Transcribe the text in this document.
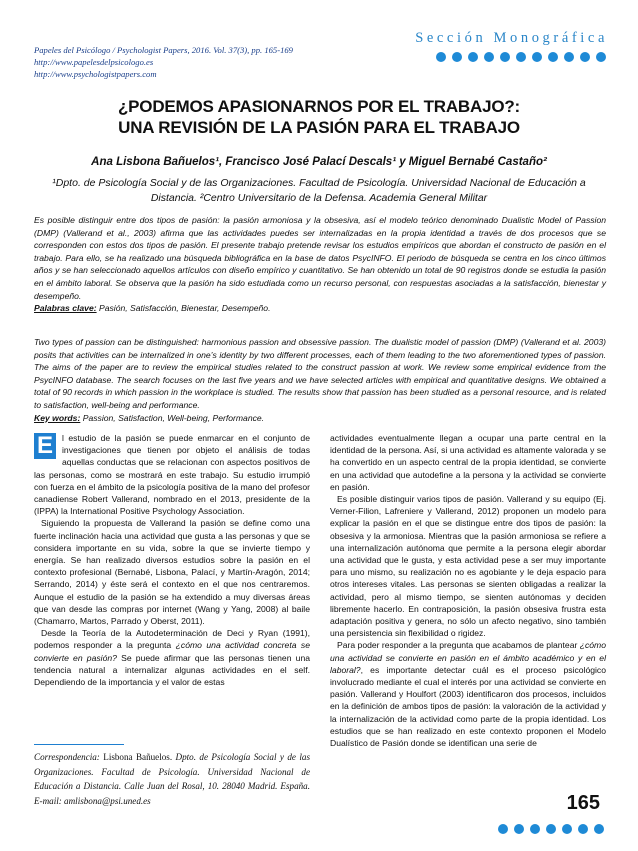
Papeles del Psicólogo / Psychologist Papers, 2016. Vol. 37(3), pp. 165-169
http://www.papelesdelpsicologo.es
http://www.psychologistpapers.com
Sección Monográfica
¿PODEMOS APASIONARNOS POR EL TRABAJO?:
UNA REVISIÓN DE LA PASIÓN PARA EL TRABAJO
Ana Lisbona Bañuelos¹, Francisco José Palací Descals¹ y Miguel Bernabé Castaño²
¹Dpto. de Psicología Social y de las Organizaciones. Facultad de Psicología. Universidad Nacional de Educación a Distancia. ²Centro Universitario de la Defensa. Academia General Militar
Es posible distinguir entre dos tipos de pasión: la pasión armoniosa y la obsesiva, así el modelo teórico denominado Dualistic Model of Passion (DMP) (Vallerand et al., 2003) afirma que las actividades puedes ser internalizadas en la propia identidad a través de dos procesos que se corresponden con estos dos tipos de pasión. El presente trabajo pretende revisar los estudios empíricos que abordan el constructo de pasión en el trabajo. Para ello, se ha realizado una búsqueda bibliográfica en la base de datos PsycINFO. El periodo de búsqueda se centra en los cinco últimos años y se han seleccionado aquellos artículos con diseño empírico y cuantitativo. Se han obtenido un total de 90 registros donde se estudia la pasión en el ámbito laboral. Se observa que la pasión ha sido estudiada como un recurso personal, con respuestas asociadas a la satisfacción, bienestar y desempeño.
Palabras clave: Pasión, Satisfacción, Bienestar, Desempeño.
Two types of passion can be distinguished: harmonious passion and obsessive passion. The dualistic model of passion (DMP) (Vallerand et al. 2003) posits that activities can be internalized in one’s identity by two different processes, each of them leading to the two aforementioned types of passion. The aims of the paper are to review the empirical studies related to the construct passion at work. We review some empirical evidence from the PsycINFO database. The search focuses on the last five years and we have selected articles with empirical and quantitative designs. We obtained a total of 90 records in which passion in the workplace is studied. The results show that passion has been studied as a personal resource, and is related to satisfaction, well-being and performance.
Key words: Passion, Satisfaction, Well-being, Performance.

E	l estudio de la pasión se puede enmarcar en el conjunto de investigaciones que tienen por objeto el análisis de todas aquellas conductas que se relacionan con aspectos positivos de las personas, como se mostrará en este trabajo. Su estudio irrumpió con fuerza en el ámbito de la psicología positiva de la mano del profesor canadiense Robert Vallerand, nombrado en el 2013, presidente de la (IPPA) la International Positive Psychology Association.

Siguiendo la propuesta de Vallerand la pasión se define como una fuerte inclinación hacia una actividad que gusta a las personas y que se considera importante en su vida, sobre la que se invierte tiempo y energía. Se han realizado diversos estudios sobre la pasión en el contexto profesional (Bernabé, Lisbona, Palací, y Martín-Aragón, 2014; Serrando, 2014) y éste será el contexto en el que nos centraremos. Aunque el estudio de la pasión se ha extendido a muy diversas áreas que van desde las compras por internet (Wang y Yang, 2008) al baile (Chamarro, Martos, Parrado y Oberst, 2011).

Desde la Teoría de la Autodeterminación de Deci y Ryan (1991), podemos responder a la pregunta ¿cómo una actividad concreta se convierte en pasión? Se puede afirmar que las personas tienen una tendencia natural a internalizar algunas actividades en el self. Dependiendo de la importancia y el valor de estas

actividades eventualmente llegan a ocupar una parte central en la identidad de la persona. Así, si una actividad es altamente valorada y se ha convertido en un aspecto central de la propia identidad, se convierte en una actividad que autodefine a la persona y la actividad se convierte en pasión.

Es posible distinguir varios tipos de pasión. Vallerand y su equipo (Ej. Verner-Filion, Lafreniere y Vallerand, 2012) proponen un modelo para explicar la pasión en el que se distingue entre dos tipos de pasión: la obsesiva y la armoniosa. Mientras que la pasión armoniosa se refiere a una internalización autónoma que permite a la persona elegir abordar una actividad que le gusta, y esta actividad pese a ser muy importante para uno mismo, su realización no es agobiante y le deja espacio para otros intereses vitales. Las personas se sienten obligadas a realizar la actividad, pero al mismo tiempo, se sienten autónomas y deciden libremente hacerlo. En contraposición, la pasión obsesiva frustra esta adaptación positiva y genera, no sólo un afecto negativo, sino también una persistencia sin flexibilidad o rigidez.

Para poder responder a la pregunta que acabamos de plantear ¿cómo una actividad se convierte en pasión en el ámbito académico y en el laboral?, es importante detectar cuál es el proceso psicológico involucrado mediante el cual el interés por una actividad se convierte en pasión. Vallerand y Houlfort (2003) identificaron dos procesos, incluidos en la definición de ambos tipos de pasión: la valoración de la actividad y la internalización de la actividad como parte de la propia identidad. Los estudios que se han realizado en este contexto proponen el Modelo Dualístico de Pasión donde se identifican una serie de

Correspondencia: Lisbona Bañuelos. Dpto. de Psicología Social y de las Organizaciones. Facultad de Psicología. Universidad Nacional de Educación a Distancia. Calle Juan del Rosal, 10. 28040 Madrid. España. E-mail: amlisbona@psi.uned.es	165
